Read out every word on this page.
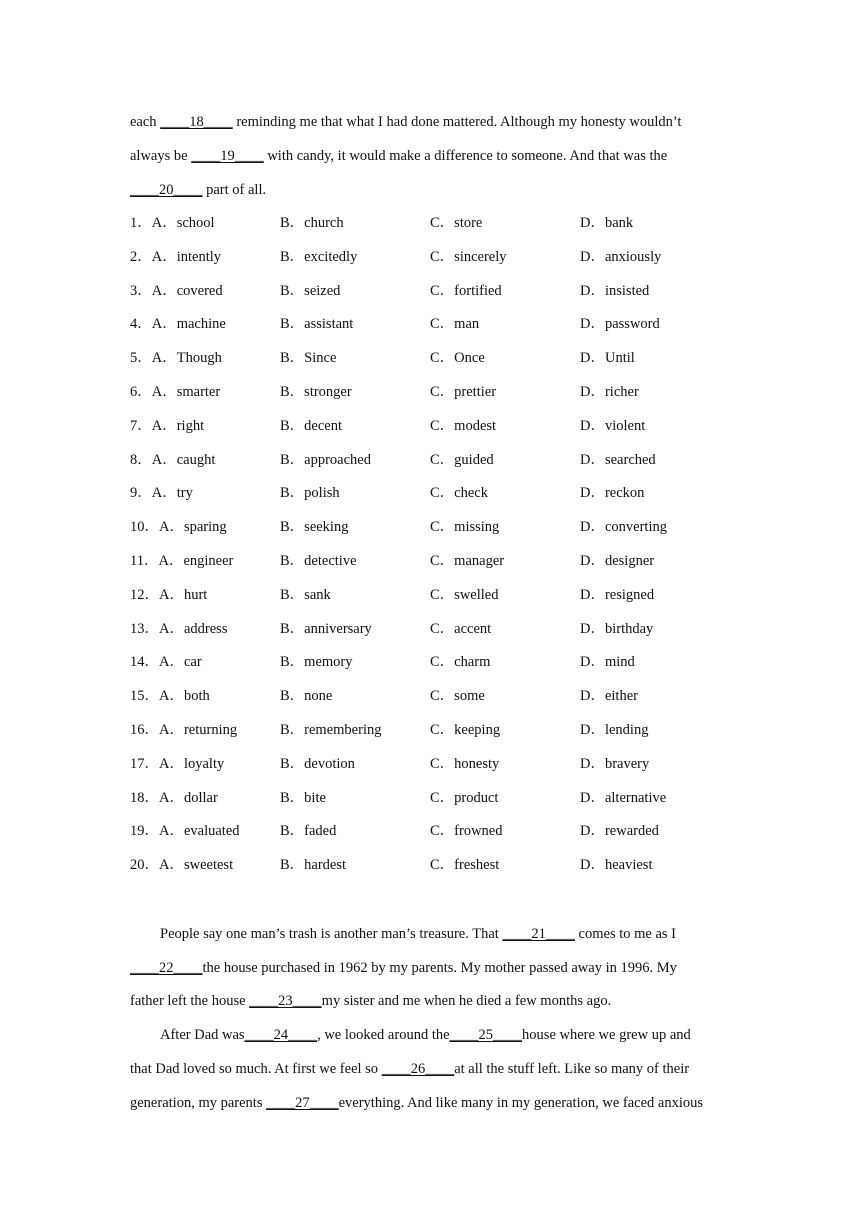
each ____18____ reminding me that what I had done mattered. Although my honesty wouldn’t
always be ____19____ with candy, it would make a difference to someone. And that was the
____20____ part of all.
1．A．school	B．church	C．store	D．bank
2．A．intently	B．excitedly	C．sincerely	D．anxiously
3．A．covered	B．seized	C．fortified	D．insisted
4．A．machine	B．assistant	C．man	D．password
5．A．Though	B．Since	C．Once	D．Until
6．A．smarter	B．stronger	C．prettier	D．richer
7．A．right	B．decent	C．modest	D．violent
8．A．caught	B．approached	C．guided	D．searched
9．A．try	B．polish	C．check	D．reckon
10．A．sparing	B．seeking	C．missing	D．converting
11．A．engineer	B．detective	C．manager	D．designer
12．A．hurt	B．sank	C．swelled	D．resigned
13．A．address	B．anniversary	C．accent	D．birthday
14．A．car	B．memory	C．charm	D．mind
15．A．both	B．none	C．some	D．either
16．A．returning	B．remembering	C．keeping	D．lending
17．A．loyalty	B．devotion	C．honesty	D．bravery
18．A．dollar	B．bite	C．product	D．alternative
19．A．evaluated	B．faded	C．frowned	D．rewarded
20．A．sweetest	B．hardest	C．freshest	D．heaviest
People say one man’s trash is another man’s treasure. That ____21____ comes to me as I
____22____the house purchased in 1962 by my parents. My mother passed away in 1996. My
father left the house ____23____my sister and me when he died a few months ago.
After Dad was____24____, we looked around the____25____house where we grew up and
that Dad loved so much. At first we feel so ____26____at all the stuff left. Like so many of their
generation, my parents ____27____everything. And like many in my generation, we faced anxious
